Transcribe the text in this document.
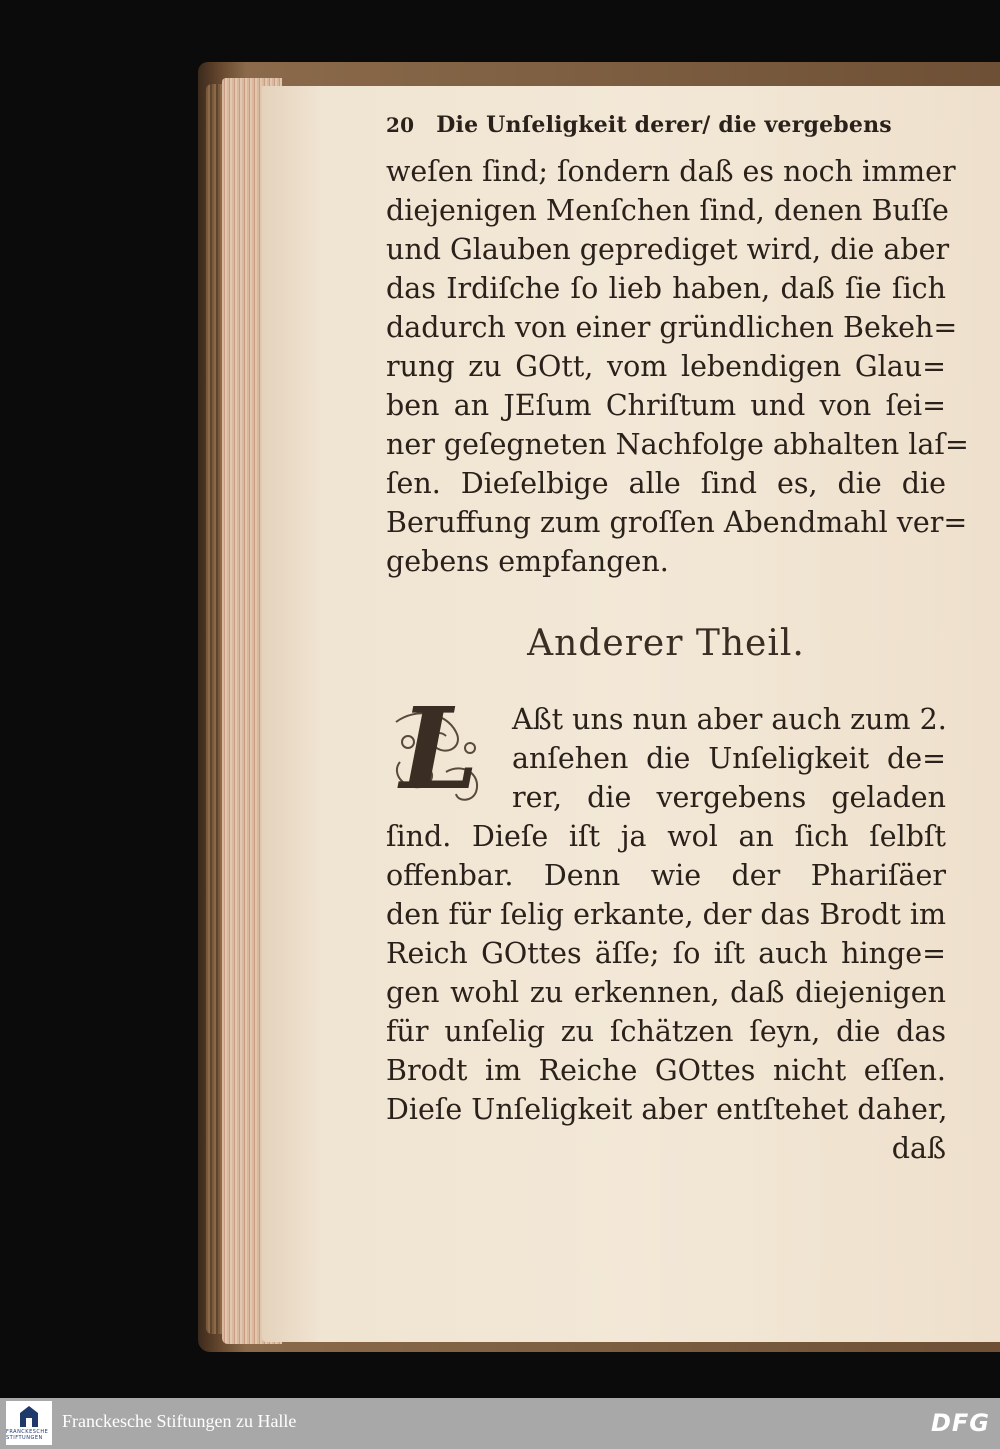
20 Die Unſeligkeit derer/ die vergebens
weſen ſind; ſondern daß es noch immer
diejenigen Menſchen ſind, denen Buſſe
und Glauben geprediget wird, die aber
das Irdiſche ſo lieb haben, daß ſie ſich
dadurch von einer gründlichen Bekeh=
rung zu GOtt, vom lebendigen Glau=
ben an JEſum Chriſtum und von ſei=
ner geſegneten Nachfolge abhalten laſ=
ſen. Dieſelbige alle ſind es, die die
Beruffung zum groſſen Abendmahl ver=
gebens empfangen.
Anderer Theil.
L	Aßt uns nun aber auch zum 2.
anſehen die Unſeligkeit de=
rer, die vergebens geladen
ſind. Dieſe iſt ja wol an ſich ſelbſt
offenbar. Denn wie der Phariſäer
den für ſelig erkante, der das Brodt im
Reich GOttes äſſe; ſo iſt auch hinge=
gen wohl zu erkennen, daß diejenigen
für unſelig zu ſchätzen ſeyn, die das
Brodt im Reiche GOttes nicht eſſen.
Dieſe Unſeligkeit aber entſtehet daher,
daß
FRANCKESCHE STIFTUNGEN
Franckesche Stiftungen zu Halle	DFG
